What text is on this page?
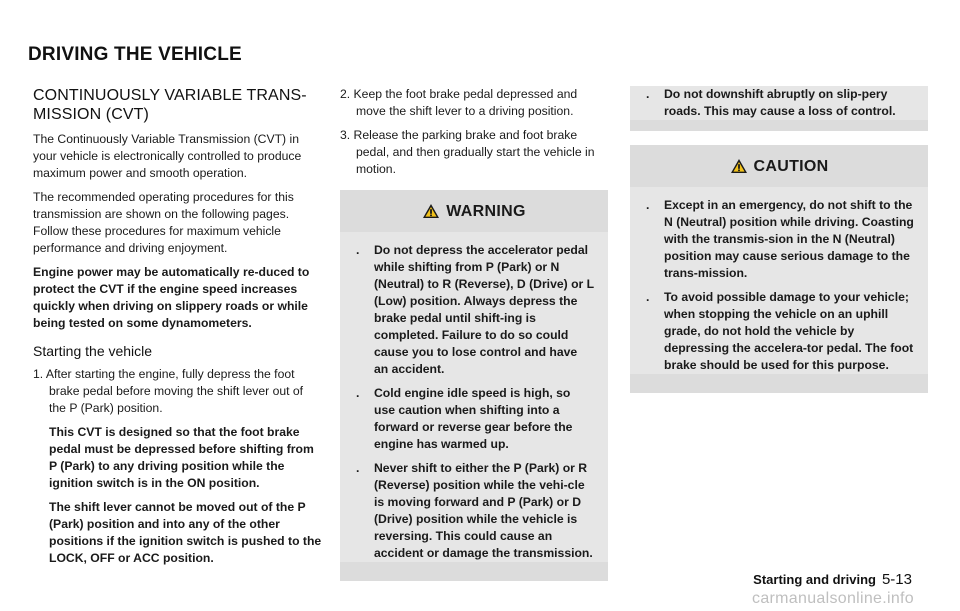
DRIVING THE VEHICLE
CONTINUOUSLY VARIABLE TRANS-
MISSION (CVT)

The Continuously Variable Transmission (CVT) in your vehicle is electronically controlled to produce maximum power and smooth operation.

The recommended operating procedures for this transmission are shown on the following pages. Follow these procedures for maximum vehicle performance and driving enjoyment.

Engine power may be automatically re-duced to protect the CVT if the engine speed increases quickly when driving on slippery roads or while being tested on some dynamometers.

Starting the vehicle

1. After starting the engine, fully depress the foot brake pedal before moving the shift lever out of the P (Park) position.

This CVT is designed so that the foot brake pedal must be depressed before shifting from P (Park) to any driving position while the ignition switch is in the ON position.

The shift lever cannot be moved out of the P (Park) position and into any of the other positions if the ignition switch is pushed to the LOCK, OFF or ACC position.

2. Keep the foot brake pedal depressed and move the shift lever to a driving position.

3. Release the parking brake and foot brake pedal, and then gradually start the vehicle in motion.

WARNING

. Do not depress the accelerator pedal while shifting from P (Park) or N (Neutral) to R (Reverse), D (Drive) or L (Low) position. Always depress the brake pedal until shift-ing is completed. Failure to do so could cause you to lose control and have an accident.

. Cold engine idle speed is high, so use caution when shifting into a forward or reverse gear before the engine has warmed up.

. Never shift to either the P (Park) or R (Reverse) position while the vehi-cle is moving forward and P (Park) or D (Drive) position while the vehicle is reversing. This could cause an accident or damage the transmission.

. Do not downshift abruptly on slip-pery roads. This may cause a loss of control.

CAUTION

. Except in an emergency, do not shift to the N (Neutral) position while driving. Coasting with the transmis-sion in the N (Neutral) position may cause serious damage to the trans-mission.

. To avoid possible damage to your vehicle; when stopping the vehicle on an uphill grade, do not hold the vehicle by depressing the accelera-tor pedal. The foot brake should be used for this purpose.

Starting and driving 5-13
carmanualsonline.info
